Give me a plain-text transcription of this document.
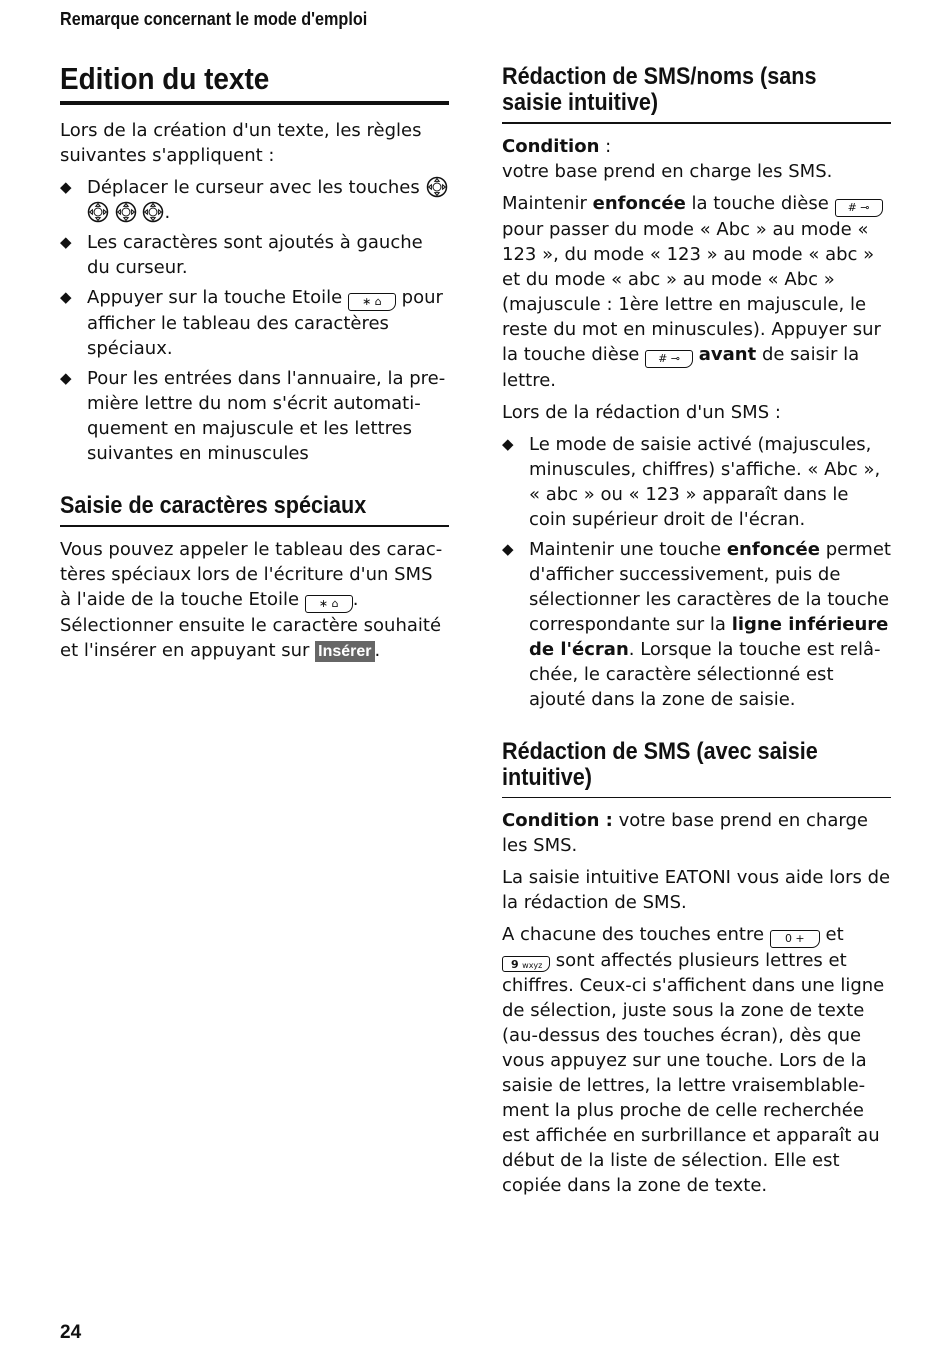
Remarque concernant le mode d'emploi
Edition du texte

Lors de la création d'un texte, les règles suivantes s'appliquent :

◆ Déplacer le curseur avec les touches
.
◆ Les caractères sont ajoutés à gauche du curseur.
◆ Appuyer sur la touche Etoile ∗ ⌂ pour afficher le tableau des caractères spéciaux.
◆ Pour les entrées dans l'annuaire, la première lettre du nom s'écrit automatiquement en majuscule et les lettres suivantes en minuscules
Saisie de caractères spéciaux

Vous pouvez appeler le tableau des caractères spéciaux lors de l'écriture d'un SMS à l'aide de la touche Etoile ∗ ⌂ . Sélectionner ensuite le caractère souhaité et l'insérer en appuyant sur Insérer .

Rédaction de SMS/noms (sans saisie intuitive)

Condition :
votre base prend en charge les SMS.

Maintenir enfoncée la touche dièse # ⊸ pour passer du mode « Abc » au mode « 123 », du mode « 123 » au mode « abc » et du mode « abc » au mode « Abc » (majuscule : 1ère lettre en majuscule, le reste du mot en minuscules). Appuyer sur la touche dièse # ⊸ avant de saisir la lettre.

Lors de la rédaction d'un SMS :

◆ Le mode de saisie activé (majuscules, minuscules, chiffres) s'affiche. « Abc », « abc » ou « 123 » apparaît dans le coin supérieur droit de l'écran.
◆ Maintenir une touche enfoncée permet d'afficher successivement, puis de sélectionner les caractères de la touche correspondante sur la ligne inférieure de l'écran. Lorsque la touche est relâchée, le caractère sélectionné est ajouté dans la zone de saisie.
Rédaction de SMS (avec saisie intuitive)

Condition : votre base prend en charge les SMS.

La saisie intuitive EATONI vous aide lors de la rédaction de SMS.

A chacune des touches entre 0 + et
9 wxyz sont affectés plusieurs lettres et chiffres. Ceux-ci s'affichent dans une ligne de sélection, juste sous la zone de texte (au-dessus des touches écran), dès que vous appuyez sur une touche. Lors de la saisie de lettres, la lettre vraisemblablement la plus proche de celle recherchée est affichée en surbrillance et apparaît au début de la liste de sélection. Elle est copiée dans la zone de texte.

24
